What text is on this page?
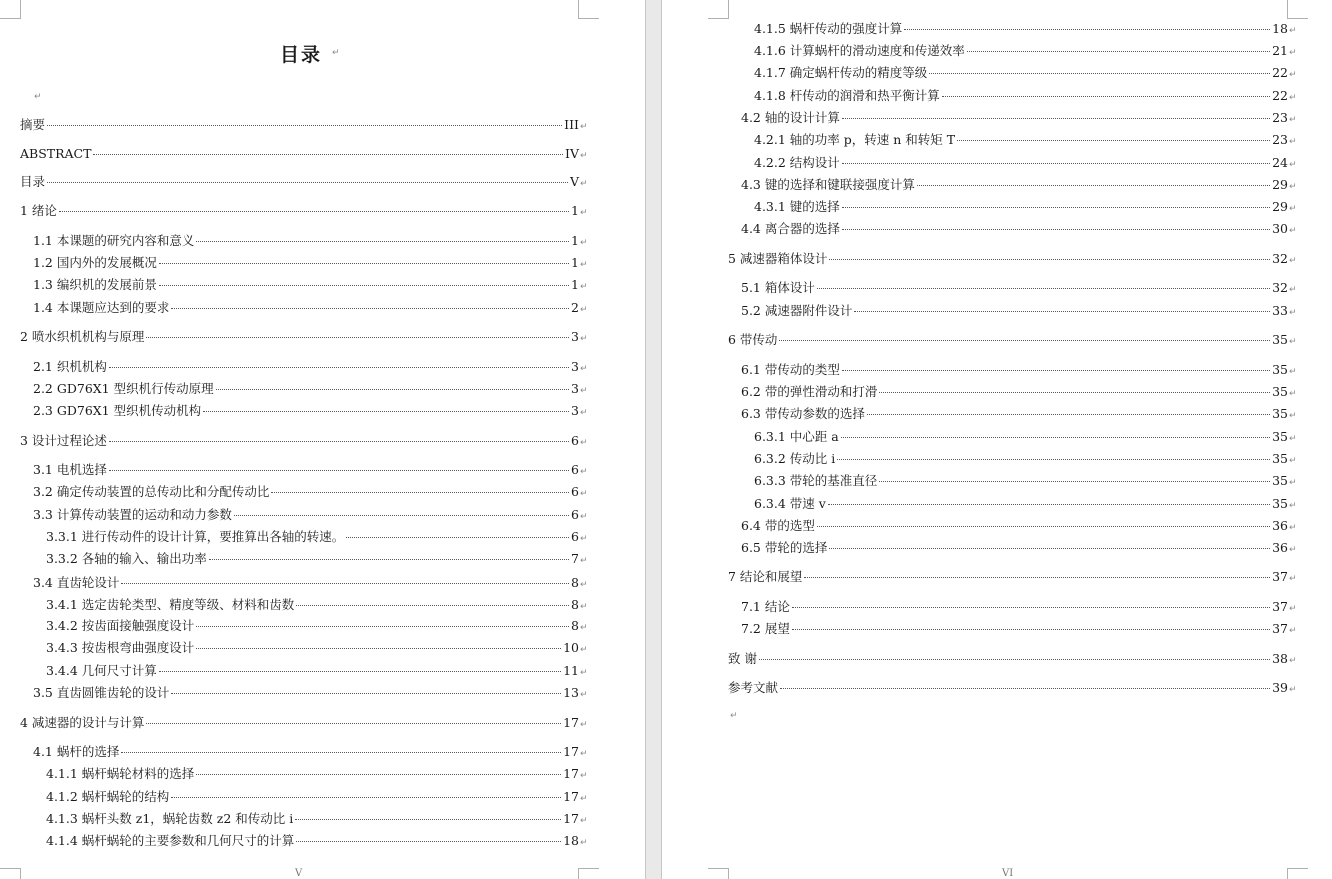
目录 ↵
↵
摘要	III ↵
ABSTRACT	IV ↵
目录	V ↵
1 绪论	1 ↵
1.1 本课题的研究内容和意义	1 ↵
1.2 国内外的发展概况	1 ↵
1.3 编织机的发展前景	1 ↵
1.4 本课题应达到的要求	2 ↵
2 喷水织机机构与原理	3 ↵
2.1 织机机构	3 ↵
2.2 GD76X1 型织机行传动原理	3 ↵
2.3 GD76X1 型织机传动机构	3 ↵
3 设计过程论述	6 ↵
3.1 电机选择	6 ↵
3.2 确定传动装置的总传动比和分配传动比	6 ↵
3.3 计算传动装置的运动和动力参数	6 ↵
3.3.1 进行传动件的设计计算，要推算出各轴的转速。	6 ↵
3.3.2 各轴的输入、输出功率	7 ↵
3.4 直齿轮设计	8 ↵
3.4.1 选定齿轮类型、精度等级、材料和齿数	8 ↵
3.4.2 按齿面接触强度设计	8 ↵
3.4.3 按齿根弯曲强度设计	10 ↵
3.4.4 几何尺寸计算	11 ↵
3.5 直齿圆锥齿轮的设计	13 ↵
4 减速器的设计与计算	17 ↵
4.1 蜗杆的选择	17 ↵
4.1.1 蜗杆蜗轮材料的选择	17 ↵
4.1.2 蜗杆蜗轮的结构	17 ↵
4.1.3 蜗杆头数 z1，蜗轮齿数 z2 和传动比 i	17 ↵
4.1.4 蜗杆蜗轮的主要参数和几何尺寸的计算	18 ↵
V
4.1.5 蜗杆传动的强度计算	18 ↵
4.1.6 计算蜗杆的滑动速度和传递效率	21 ↵
4.1.7 确定蜗杆传动的精度等级	22 ↵
4.1.8 杆传动的润滑和热平衡计算	22 ↵
4.2 轴的设计计算	23 ↵
4.2.1 轴的功率 p，转速 n 和转矩 T	23 ↵
4.2.2 结构设计	24 ↵
4.3 键的选择和键联接强度计算	29 ↵
4.3.1 键的选择	29 ↵
4.4 离合器的选择	30 ↵
5 减速器箱体设计	32 ↵
5.1 箱体设计	32 ↵
5.2 减速器附件设计	33 ↵
6 带传动	35 ↵
6.1 带传动的类型	35 ↵
6.2 带的弹性滑动和打滑	35 ↵
6.3 带传动参数的选择	35 ↵
6.3.1 中心距 a	35 ↵
6.3.2 传动比 i	35 ↵
6.3.3 带轮的基准直径	35 ↵
6.3.4 带速 v	35 ↵
6.4 带的选型	36 ↵
6.5 带轮的选择	36 ↵
7 结论和展望	37 ↵
7.1 结论	37 ↵
7.2 展望	37 ↵
致 谢	38 ↵
参考文献	39 ↵
↵
VI
